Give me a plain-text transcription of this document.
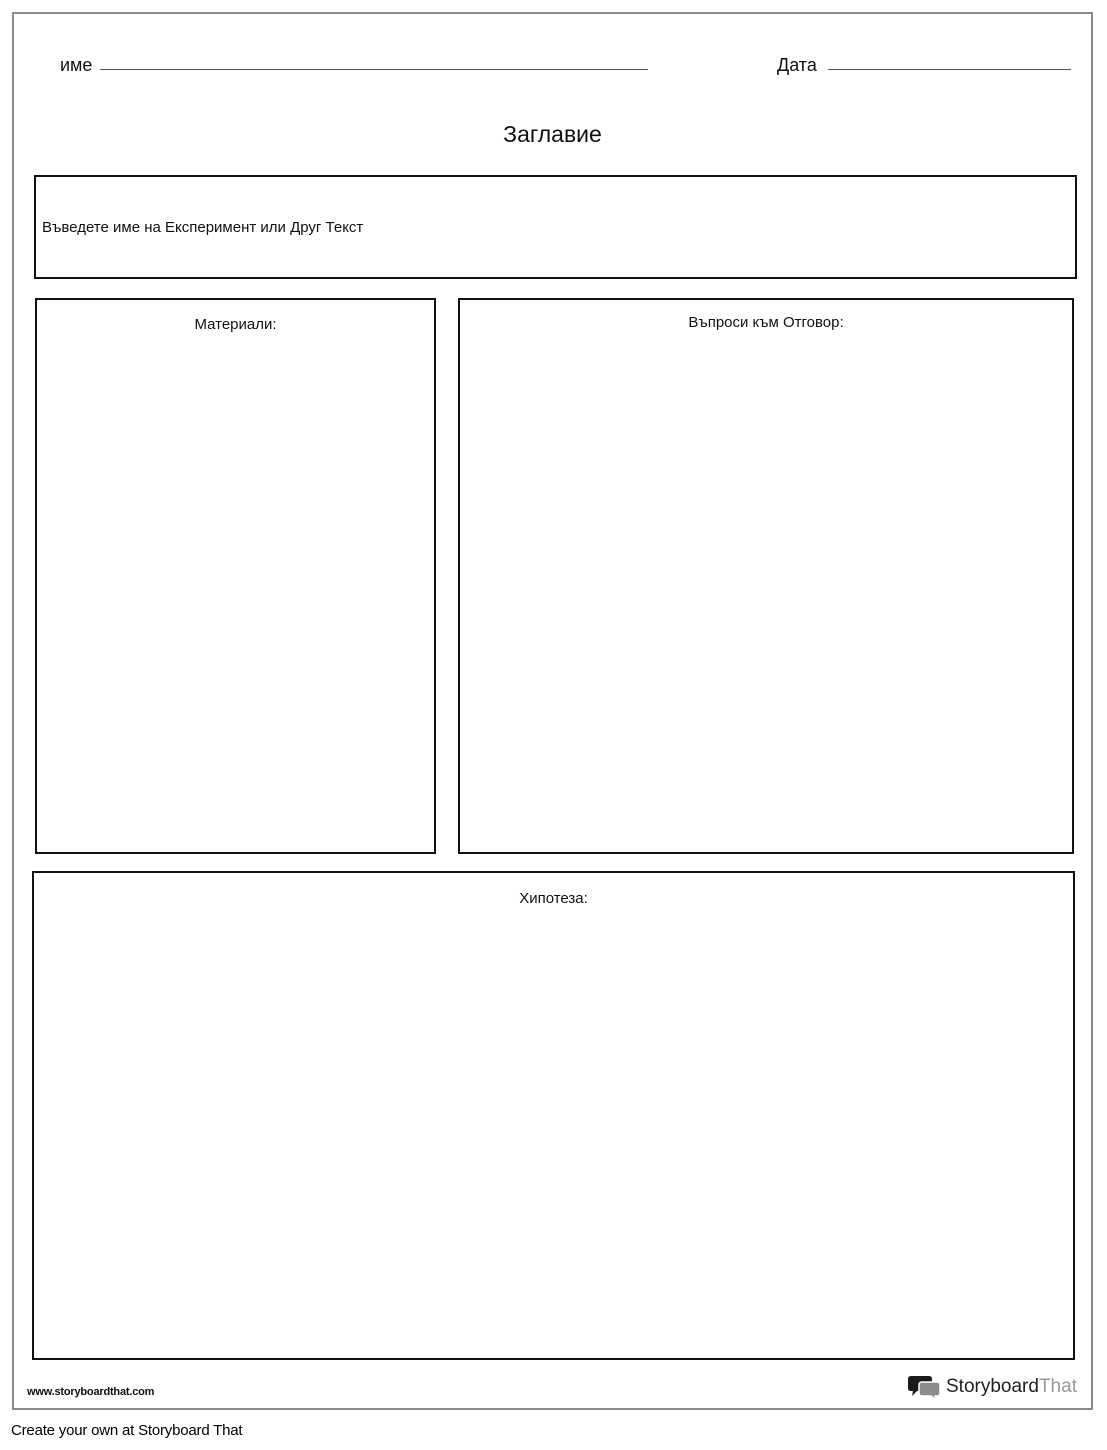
име	Дата
Заглавие
Въведете име на Експеримент или Друг Текст
Материали:	Въпроси към Отговор:
Хипотеза:
www.storyboardthat.com	StoryboardThat
Create your own at Storyboard That
